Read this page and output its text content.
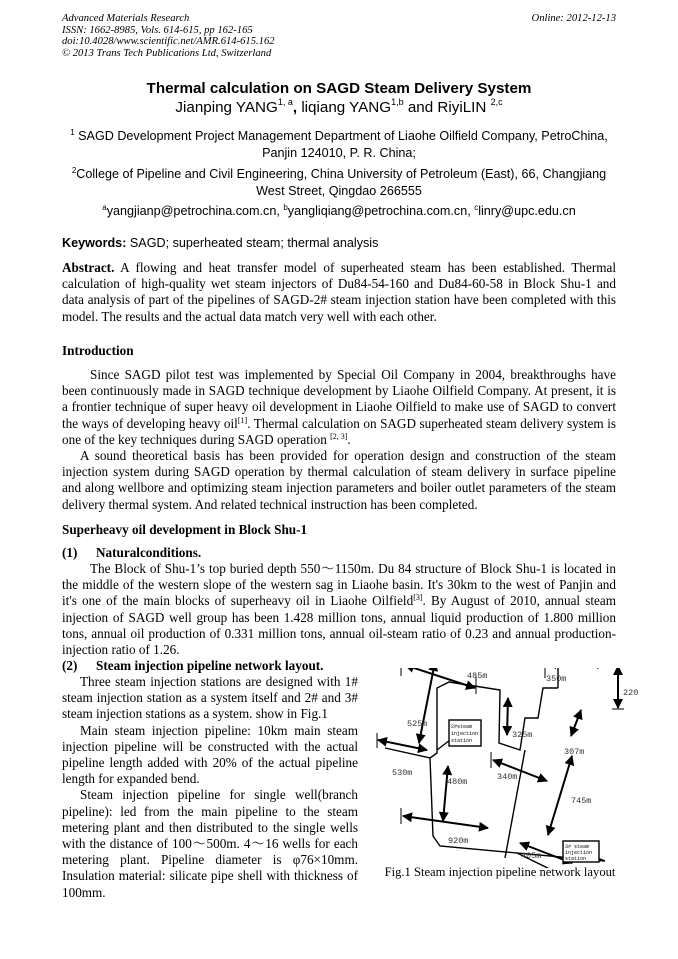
Advanced Materials Research
ISSN: 1662-8985, Vols. 614-615, pp 162-165
doi:10.4028/www.scientific.net/AMR.614-615.162
© 2013 Trans Tech Publications Ltd, Switzerland
Online: 2012-12-13
Thermal calculation on SAGD Steam Delivery System
Jianping YANG$^{1, a}$, liqiang YANG$^{1,b}$ and RiyiLIN $^{2,c}$
$^1$ SAGD Development Project Management Department of Liaohe Oilfield Company, PetroChina, Panjin 124010, P. R. China;
$^2$College of Pipeline and Civil Engineering, China University of Petroleum (East), 66, Changjiang West Street, Qingdao 266555
$^a$yangjianp@petrochina.com.cn, $^b$yangliqiang@petrochina.com.cn, $^c$linry@upc.edu.cn
Keywords: SAGD; superheated steam; thermal analysis
Abstract. A flowing and heat transfer model of superheated steam has been established. Thermal calculation of high-quality wet steam injectors of Du84-54-160 and Du84-60-58 in Block Shu-1 and data analysis of part of the pipelines of SAGD-2# steam injection station have been completed with this model. The results and the actual data match very well with each other.
Introduction

Since SAGD pilot test was implemented by Special Oil Company in 2004, breakthroughs have been continuously made in SAGD technique development by Liaohe Oilfield Company. At present, it is a frontier technique of super heavy oil development in Liaohe Oilfield to make use of SAGD to convert the ways of developing heavy oil[1]. Thermal calculation on SAGD superheated steam delivery system is one of the key techniques during SAGD operation [2, 3].

A sound theoretical basis has been provided for operation design and construction of the steam injection system during SAGD operation by thermal calculation of steam delivery in surface pipeline and along wellbore and optimizing steam injection parameters and boiler outlet parameters of the steam delivery thermal system. And related technical instruction has been completed.

Superheavy oil development in Block Shu-1
(1) Naturalconditions.

The Block of Shu-1’s top buried depth 550～1150m. Du 84 structure of Block Shu-1 is located in the middle of the western slope of the western sag in Liaohe basin. It's 30km to the west of Panjin and it's one of the main blocks of superheavy oil in Liaohe Oilfield[3]. By August of 2010, annual steam injection of SAGD well group has been 1.428 million tons, annual liquid production of 1.800 million tons, annual oil production of 0.331 million tons, annual oil-steam ratio of 0.23 and annual production-injection ratio of 1.26.

(2) Steam injection pipeline network layout.

Three steam injection stations are designed with 1# steam injection station as a system itself and 2# and 3# steam injection stations as a system. show in Fig.1

Main steam injection pipeline: 10km main steam injection pipeline will be constructed with the actual pipeline length added with 20% of the actual pipeline length for expanded bend.

Steam injection pipeline for single well(branch pipeline): led from the main pipeline to the steam metering plant and then distributed to the single wells with the distance of 100～500m. 4～16 wells for each metering plant. Pipeline diameter is φ76×10mm. Insulation material: silicate pipe shell with thickness of 100mm.

485m	350m
220
525m
325m
307m
530m
480m	340m
745m
920m
405m
2#steam
injection
station
3# steam
injection
station
Fig.1 Steam injection pipeline network layout
